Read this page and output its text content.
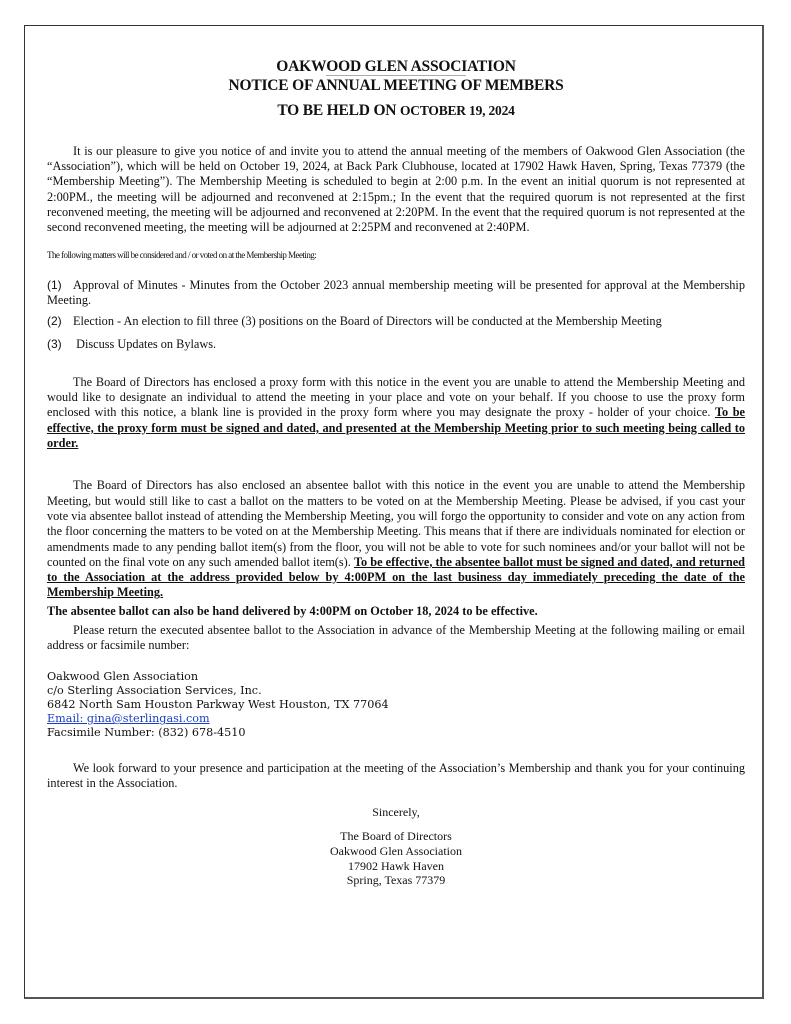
OAKWOOD GLEN ASSOCIATION
NOTICE OF ANNUAL MEETING OF MEMBERS
TO BE HELD ON OCTOBER 19, 2024

It is our pleasure to give you notice of and invite you to attend the annual meeting of the members of Oakwood Glen Association (the “Association”), which will be held on October 19, 2024, at Back Park Clubhouse, located at 17902 Hawk Haven, Spring, Texas 77379 (the “Membership Meeting”). The Membership Meeting is scheduled to begin at 2:00 p.m. In the event an initial quorum is not represented at 2:00PM., the meeting will be adjourned and reconvened at 2:15pm.; In the event that the required quorum is not represented at the first reconvened meeting, the meeting will be adjourned and reconvened at 2:20PM. In the event that the required quorum is not represented at the second reconvened meeting, the meeting will be adjourned at 2:25PM and reconvened at 2:40PM.

The following matters will be considered and / or voted on at the Membership Meeting:

(1) Approval of Minutes - Minutes from the October 2023 annual membership meeting will be presented for approval at the Membership Meeting.

(2) Election - An election to fill three (3) positions on the Board of Directors will be conducted at the Membership Meeting

(3) Discuss Updates on Bylaws.

The Board of Directors has enclosed a proxy form with this notice in the event you are unable to attend the Membership Meeting and would like to designate an individual to attend the meeting in your place and vote on your behalf. If you choose to use the proxy form enclosed with this notice, a blank line is provided in the proxy form where you may designate the proxy - holder of your choice. To be effective, the proxy form must be signed and dated, and presented at the Membership Meeting prior to such meeting being called to order.

The Board of Directors has also enclosed an absentee ballot with this notice in the event you are unable to attend the Membership Meeting, but would still like to cast a ballot on the matters to be voted on at the Membership Meeting. Please be advised, if you cast your vote via absentee ballot instead of attending the Membership Meeting, you will forgo the opportunity to consider and vote on any action from the floor concerning the matters to be voted on at the Membership Meeting. This means that if there are individuals nominated for election or amendments made to any pending ballot item(s) from the floor, you will not be able to vote for such nominees and/or your ballot will not be counted on the final vote on any such amended ballot item(s). To be effective, the absentee ballot must be signed and dated, and returned to the Association at the address provided below by 4:00PM on the last business day immediately preceding the date of the Membership Meeting.

The absentee ballot can also be hand delivered by 4:00PM on October 18, 2024 to be effective.

Please return the executed absentee ballot to the Association in advance of the Membership Meeting at the following mailing or email address or facsimile number:

Oakwood Glen Association
c/o Sterling Association Services, Inc.
6842 North Sam Houston Parkway West Houston, TX 77064
Email: gina@sterlingasi.com
Facsimile Number: (832) 678-4510

We look forward to your presence and participation at the meeting of the Association’s Membership and thank you for your continuing interest in the Association.

Sincerely,
The Board of Directors
Oakwood Glen Association
17902 Hawk Haven
Spring, Texas 77379
